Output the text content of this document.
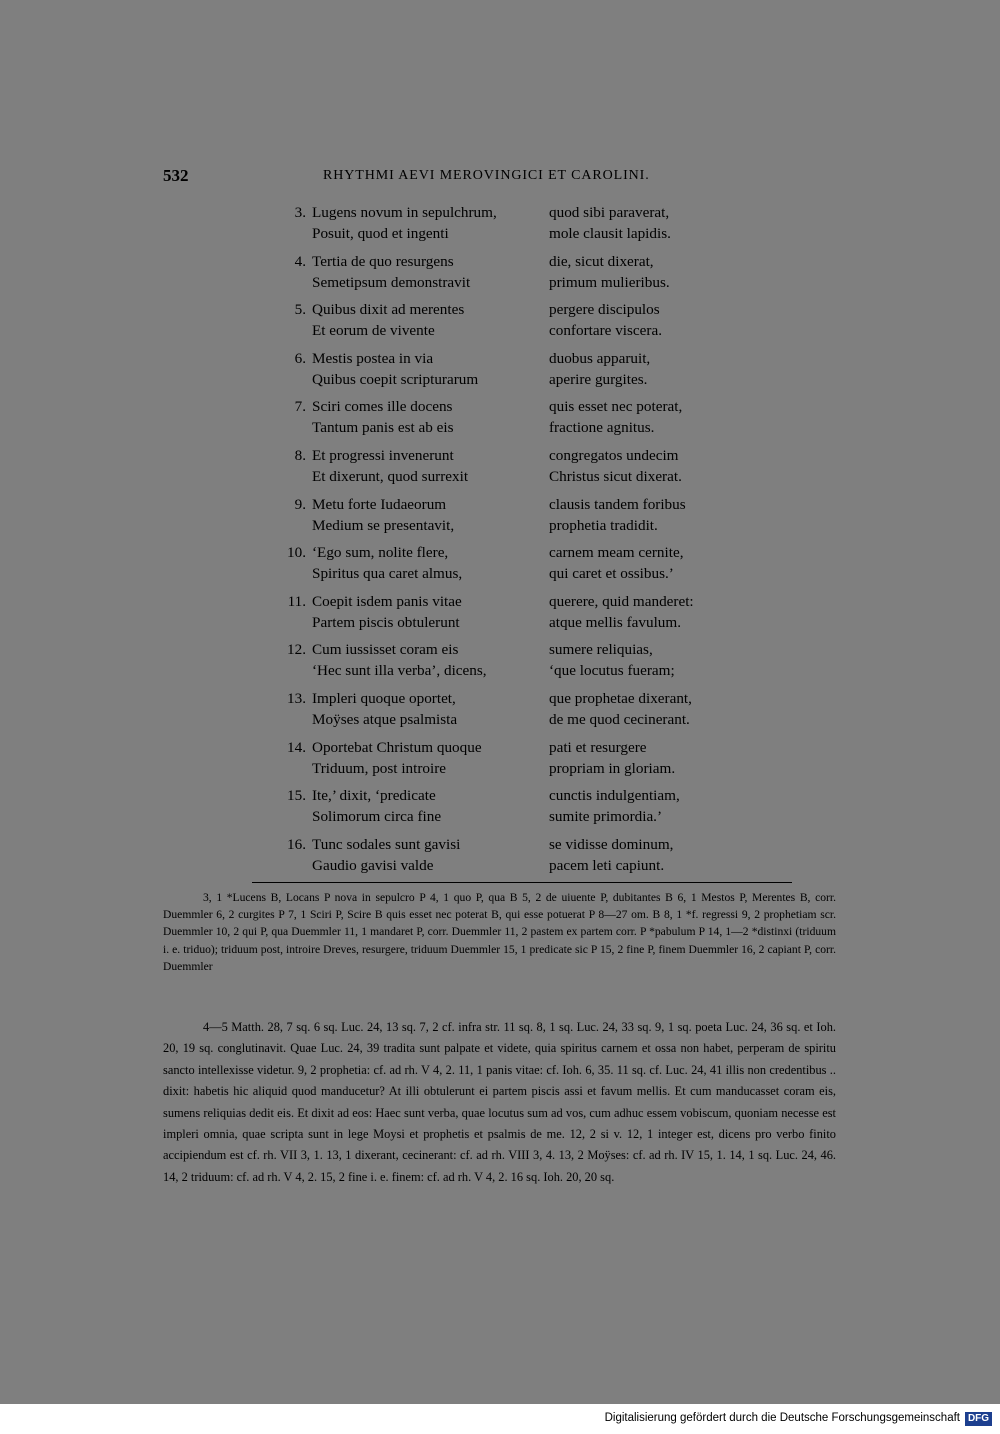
532	RHYTHMI AEVI MEROVINGICI ET CAROLINI.
3. Lugens novum in sepulchrum,	quod sibi paraverat,
Posuit, quod et ingenti	mole clausit lapidis.
4. Tertia de quo resurgens	die, sicut dixerat,
Semetipsum demonstravit	primum mulieribus.
5. Quibus dixit ad merentes	pergere discipulos
Et eorum de vivente	confortare viscera.
6. Mestis postea in via	duobus apparuit,
Quibus coepit scripturarum	aperire gurgites.
7. Sciri comes ille docens	quis esset nec poterat,
Tantum panis est ab eis	fractione agnitus.
8. Et progressi invenerunt	congregatos undecim
Et dixerunt, quod surrexit	Christus sicut dixerat.
9. Metu forte Iudaeorum	clausis tandem foribus
Medium se presentavit,	prophetia tradidit.
10. ‘Ego sum, nolite flere,	carnem meam cernite,
Spiritus qua caret almus,	qui caret et ossibus.’
11. Coepit isdem panis vitae	querere, quid manderet:
Partem piscis obtulerunt	atque mellis favulum.
12. Cum iussisset coram eis	sumere reliquias,
‘Hec sunt illa verba’, dicens,	‘que locutus fueram;
13. Impleri quoque oportet,	que prophetae dixerant,
Moÿses atque psalmista	de me quod cecinerant.
14. Oportebat Christum quoque	pati et resurgere
Triduum, post introire	propriam in gloriam.
15. Ite,’ dixit, ‘predicate	cunctis indulgentiam,
Solimorum circa fine	sumite primordia.’
16. Tunc sodales sunt gavisi	se vidisse dominum,
Gaudio gavisi valde	pacem leti capiunt.

3, 1 *Lucens B, Locans P nova in sepulcro P 4, 1 quo P, qua B 5, 2 de uiuente P, dubitantes B 6, 1 Mestos P, Merentes B, corr. Duemmler 6, 2 curgites P 7, 1 Sciri P, Scire B quis esset nec poterat B, qui esse potuerat P 8—27 om. B 8, 1 *f. regressi 9, 2 prophetiam scr. Duemmler 10, 2 qui P, qua Duemmler 11, 1 mandaret P, corr. Duemmler 11, 2 pastem ex partem corr. P *pabulum P 14, 1—2 *distinxi (triduum i. e. triduo); triduum post, introire Dreves, resurgere, triduum Duemmler 15, 1 predicate sic P 15, 2 fine P, finem Duemmler 16, 2 capiant P, corr. Duemmler

4—5 Matth. 28, 7 sq. 6 sq. Luc. 24, 13 sq. 7, 2 cf. infra str. 11 sq. 8, 1 sq. Luc. 24, 33 sq. 9, 1 sq. poeta Luc. 24, 36 sq. et Ioh. 20, 19 sq. conglutinavit. Quae Luc. 24, 39 tradita sunt palpate et videte, quia spiritus carnem et ossa non habet, perperam de spiritu sancto intellexisse videtur. 9, 2 prophetia: cf. ad rh. V 4, 2. 11, 1 panis vitae: cf. Ioh. 6, 35. 11 sq. cf. Luc. 24, 41 illis non credentibus .. dixit: habetis hic aliquid quod manducetur? At illi obtulerunt ei partem piscis assi et favum mellis. Et cum manducasset coram eis, sumens reliquias dedit eis. Et dixit ad eos: Haec sunt verba, quae locutus sum ad vos, cum adhuc essem vobiscum, quoniam necesse est impleri omnia, quae scripta sunt in lege Moysi et prophetis et psalmis de me. 12, 2 si v. 12, 1 integer est, dicens pro verbo finito accipiendum est cf. rh. VII 3, 1. 13, 1 dixerant, cecinerant: cf. ad rh. VIII 3, 4. 13, 2 Moÿses: cf. ad rh. IV 15, 1. 14, 1 sq. Luc. 24, 46. 14, 2 triduum: cf. ad rh. V 4, 2. 15, 2 fine i. e. finem: cf. ad rh. V 4, 2. 16 sq. Ioh. 20, 20 sq.

Digitalisierung gefördert durch die Deutsche Forschungsgemeinschaft DFG
